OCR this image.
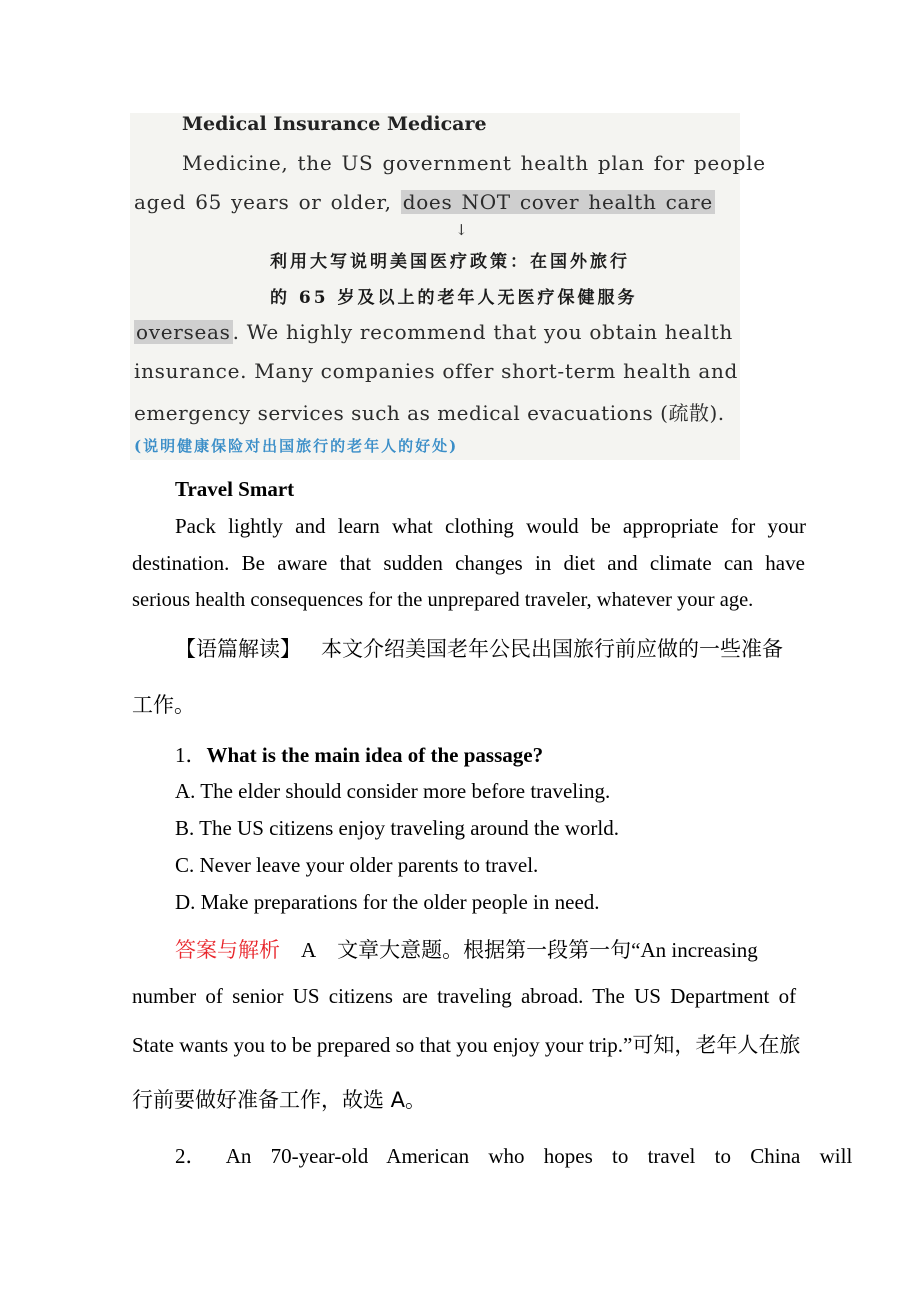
Medical Insurance Medicare
Medicine, the US government health plan for people
aged 65 years or older, does NOT cover health care
↓
利用大写说明美国医疗政策：在国外旅行
的 65 岁及以上的老年人无医疗保健服务
overseas . We highly recommend that you obtain health
insurance. Many companies offer short-term health and
emergency services such as medical evacuations (疏散).
(说明健康保险对出国旅行的老年人的好处)
Travel Smart
Pack lightly and learn what clothing would be appropriate for your
destination. Be aware that sudden changes in diet and climate can have
serious health consequences for the unprepared traveler, whatever your age.
【语篇解读】 本文介绍美国老年公民出国旅行前应做的一些准备
工作。
1．What is the main idea of the passage?
A. The elder should consider more before traveling.
B. The US citizens enjoy traveling around the world.
C. Never leave your older parents to travel.
D. Make preparations for the older people in need.
答案与解析 A 文章大意题。根据第一段第一句“An increasing
number of senior US citizens are traveling abroad. The US Department of
State wants you to be prepared so that you enjoy your trip.”可知，老年人在旅
行前要做好准备工作，故选 A。
2． An 70-year-old American who hopes to travel to China will
